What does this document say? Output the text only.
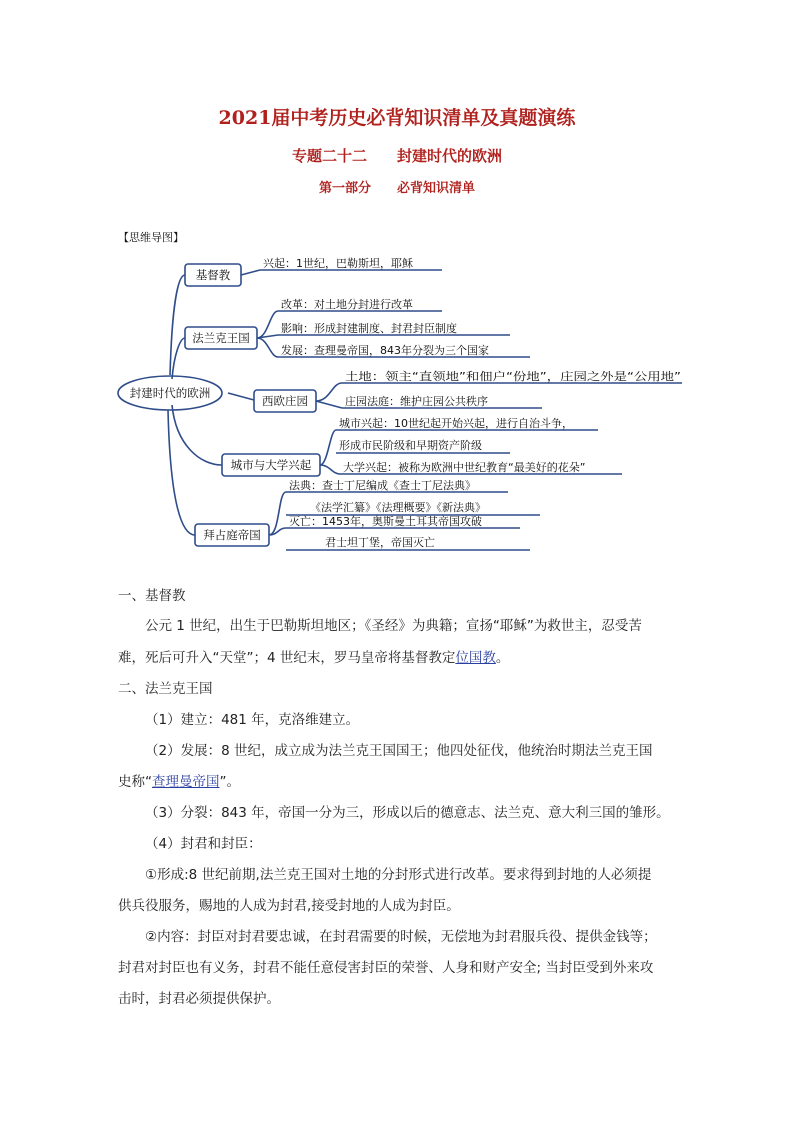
2021届中考历史必背知识清单及真题演练
专题二十二　　封建时代的欧洲
第一部分　　必背知识清单
【思维导图】
封建时代的欧洲
基督教
法兰克王国
西欧庄园
城市与大学兴起
拜占庭帝国
兴起：1世纪，巴勒斯坦，耶稣
改革：对土地分封进行改革
影响：形成封建制度、封君封臣制度
发展：查理曼帝国，843年分裂为三个国家
土地：领主“直领地”和佃户“份地”，庄园之外是“公用地”
庄园法庭：维护庄园公共秩序
城市兴起：10世纪起开始兴起，进行自治斗争，
形成市民阶级和早期资产阶级
大学兴起：被称为欧洲中世纪教育“最美好的花朵”
法典：查士丁尼编成《查士丁尼法典》
《法学汇纂》《法理概要》《新法典》
灭亡：1453年，奥斯曼土耳其帝国攻破
君士坦丁堡，帝国灭亡
一、基督教
公元 1 世纪，出生于巴勒斯坦地区；《圣经》为典籍；宣扬“耶稣”为救世主，忍受苦
难，死后可升入“天堂”；4 世纪末，罗马皇帝将基督教定位国教。
二、法兰克王国
（1）建立：481 年，克洛维建立。
（2）发展：8 世纪，成立成为法兰克王国国王；他四处征伐，他统治时期法兰克王国
史称“查理曼帝国”。
（3）分裂：843 年，帝国一分为三，形成以后的德意志、法兰克、意大利三国的雏形。
（4）封君和封臣：
①形成:8 世纪前期,法兰克王国对土地的分封形式进行改革。要求得到封地的人必须提
供兵役服务，赐地的人成为封君,接受封地的人成为封臣。
②内容：封臣对封君要忠诚，在封君需要的时候，无偿地为封君服兵役、提供金钱等；
封君对封臣也有义务，封君不能任意侵害封臣的荣誉、人身和财产安全; 当封臣受到外来攻
击时，封君必须提供保护。
